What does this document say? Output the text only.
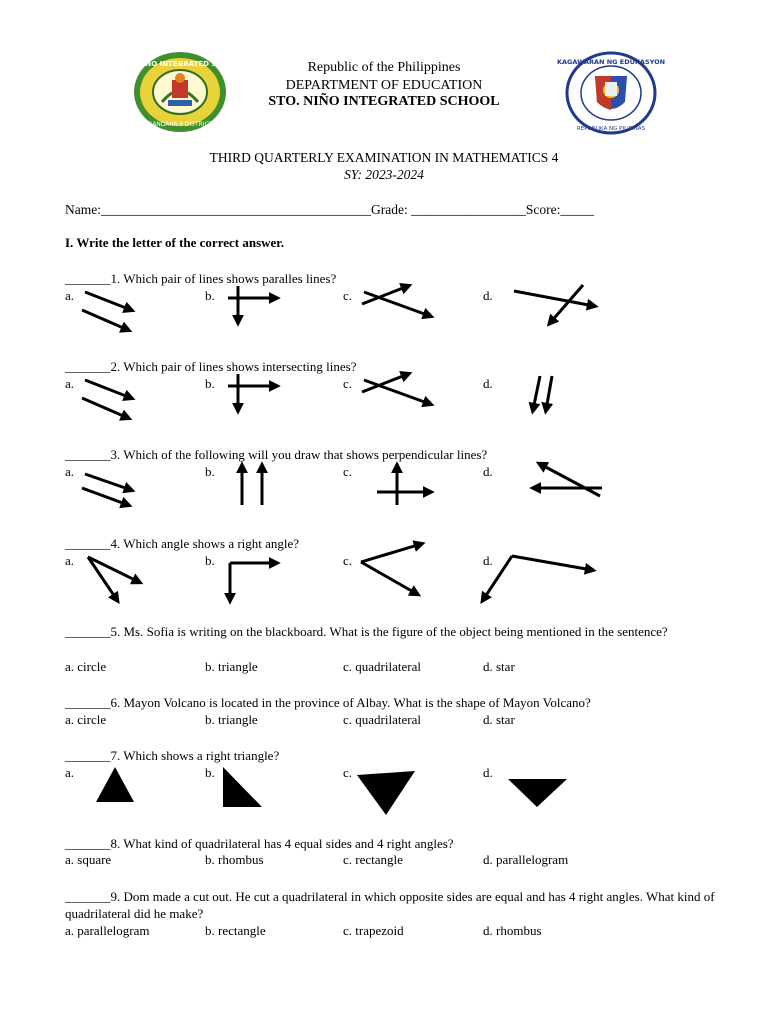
STO. NIÑO INTEGRATED SCHOOL
GANDARA II DISTRICT
KAGAWARAN NG EDUKASYON
REPUBLIKA NG PILIPINAS
Republic of the Philippines
DEPARTMENT OF EDUCATION
STO. NIÑO INTEGRATED SCHOOL
THIRD QUARTERLY EXAMINATION IN MATHEMATICS 4
SY: 2023-2024
Name:________________________________________Grade: _________________Score:_____
I. Write the letter of the correct answer.
_______1. Which pair of lines shows paralles lines?
a.	b.	c.	d.
_______2. Which pair of lines shows intersecting lines?
a.	b.	c.	d.
_______3. Which of the following will you draw that shows perpendicular lines?
a.	b.	c.	d.
_______4. Which angle shows a right angle?
a.	b.	c.	d.
_______5. Ms. Sofia is writing on the blackboard. What is the figure of the object being mentioned in the sentence?
a. circle	b. triangle	c. quadrilateral	d. star
_______6. Mayon Volcano is located in the province of Albay. What is the shape of Mayon Volcano?
a. circle	b. triangle	c. quadrilateral	d. star
_______7. Which shows a right triangle?
a.	b.	c.	d.
_______8. What kind of quadrilateral has 4 equal sides and 4 right angles?
a. square	b. rhombus	c. rectangle	d. parallelogram
_______9. Dom made a cut out. He cut a quadrilateral in which opposite sides are equal and has 4 right angles. What kind of quadrilateral did he make?
a. parallelogram	b. rectangle	c. trapezoid	d. rhombus
